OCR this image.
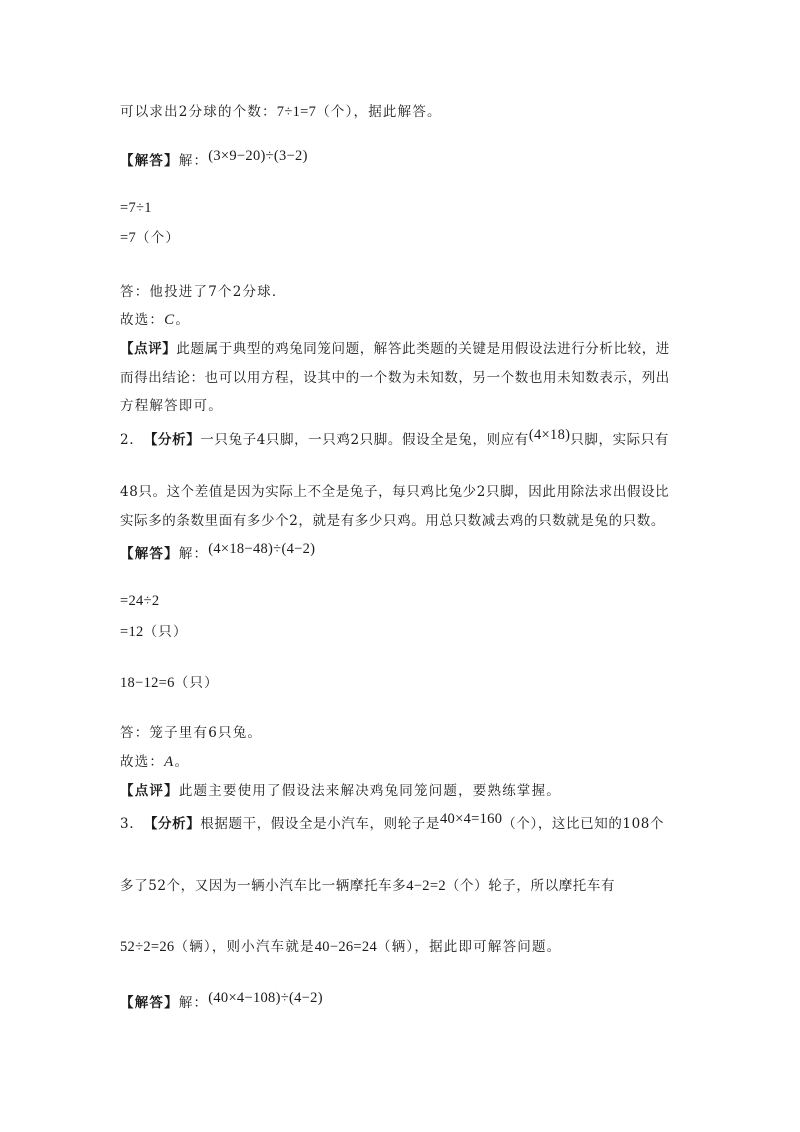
可以求出2分球的个数：7÷1=7（个），据此解答。
【解答】解：(3×9−20)÷(3−2)
=7÷1
=7（个）
答：他投进了7个2分球．
故选：C。
【点评】此题属于典型的鸡兔同笼问题，解答此类题的关键是用假设法进行分析比较，进
而得出结论：也可以用方程，设其中的一个数为未知数，另一个数也用未知数表示，列出
方程解答即可。
2. 【分析】一只兔子4只脚，一只鸡2只脚。假设全是兔，则应有(4×18)只脚，实际只有
48只。这个差值是因为实际上不全是兔子，每只鸡比兔少2只脚，因此用除法求出假设比
实际多的条数里面有多少个2，就是有多少只鸡。用总只数减去鸡的只数就是兔的只数。
【解答】解：(4×18−48)÷(4−2)
=24÷2
=12（只）
18−12=6（只）
答：笼子里有6只兔。
故选：A。
【点评】此题主要使用了假设法来解决鸡兔同笼问题，要熟练掌握。
3. 【分析】根据题干，假设全是小汽车，则轮子是40×4=160（个），这比已知的108个
多了52个，又因为一辆小汽车比一辆摩托车多4−2=2（个）轮子，所以摩托车有
52÷2=26（辆），则小汽车就是40−26=24（辆），据此即可解答问题。
【解答】解：(40×4−108)÷(4−2)
